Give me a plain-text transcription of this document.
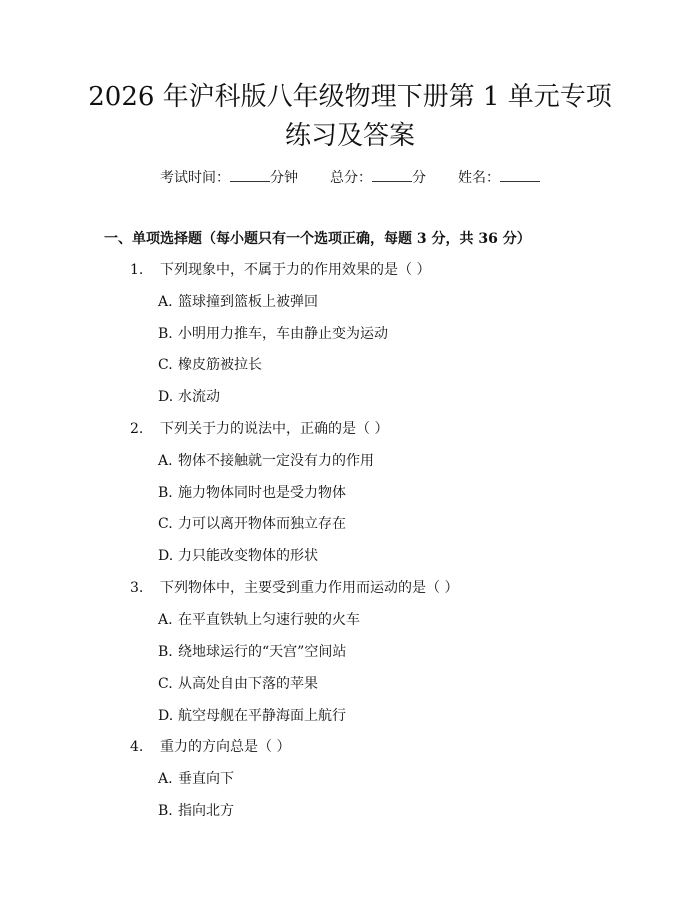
2026 年沪科版八年级物理下册第 1 单元专项
练习及答案
考试时间：	分钟 总分：	分 姓名：
一、单项选择题（每小题只有一个选项正确，每题 3 分，共 36 分）
1. 下列现象中，不属于力的作用效果的是（ ）
A. 篮球撞到篮板上被弹回
B. 小明用力推车，车由静止变为运动
C. 橡皮筋被拉长
D. 水流动
2. 下列关于力的说法中，正确的是（ ）
A. 物体不接触就一定没有力的作用
B. 施力物体同时也是受力物体
C. 力可以离开物体而独立存在
D. 力只能改变物体的形状
3. 下列物体中，主要受到重力作用而运动的是（ ）
A. 在平直铁轨上匀速行驶的火车
B. 绕地球运行的“天宫”空间站
C. 从高处自由下落的苹果
D. 航空母舰在平静海面上航行
4. 重力的方向总是（ ）
A. 垂直向下
B. 指向北方
